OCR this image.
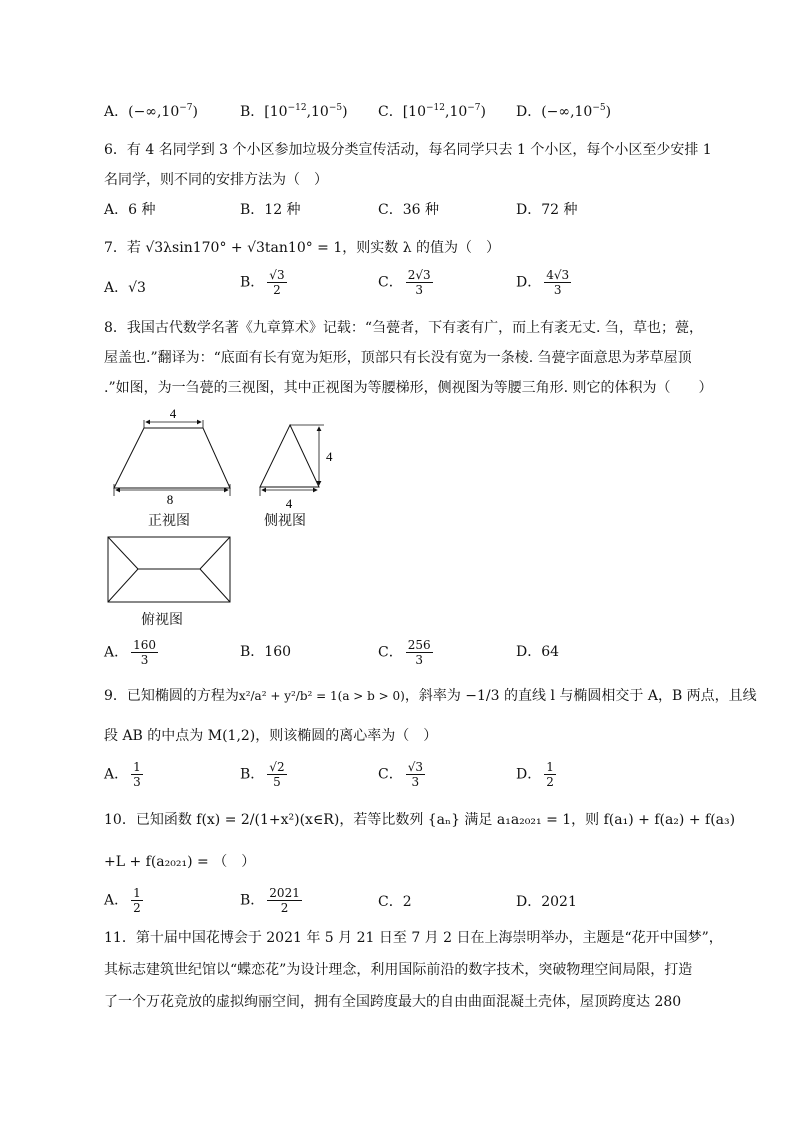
A．$(-\infty,10^{-7})$	B．$[10^{-12},10^{-5})$ C．$[10^{-12},10^{-7})$ D．$(-\infty,10^{-5})$
6．有 4 名同学到 3 个小区参加垃圾分类宣传活动，每名同学只去 1 个小区，每个小区至少安排 1
名同学，则不同的安排方法为（　）
A．6 种	B．12 种	C．36 种	D．72 种
7．若 √3λsin170° + √3tan10° = 1，则实数 λ 的值为（　）
A．√3	B． $\frac{√3}{2}$	C． $\frac{2√3}{3}$	D． $\frac{4√3}{3}$
8．我国古代数学名著《九章算术》记载：“刍甍者，下有袤有广，而上有袤无丈. 刍，草也；甍，
屋盖也.”翻译为：“底面有长有宽为矩形，顶部只有长没有宽为一条棱. 刍甍字面意思为茅草屋顶
.”如图，为一刍甍的三视图，其中正视图为等腰梯形，侧视图为等腰三角形. 则它的体积为（　　）
4
8
4
4
正视图	侧视图
俯视图
A． $\frac{160}{3}$	B．160	C． $\frac{256}{3}$	D．64
9．已知椭圆的方程为x²/a² + y²/b² = 1(a > b > 0)，斜率为 −1/3 的直线 l 与椭圆相交于 A，B 两点，且线
段 AB 的中点为 M(1,2)，则该椭圆的离心率为（　）
A． $\frac{1}{3}$	B． $\frac{√2}{5}$	C． $\frac{√3}{3}$	D． $\frac{1}{2}$
10．已知函数 f(x) = 2/(1+x²)(x∈R)，若等比数列 {aₙ} 满足 a₁a₂₀₂₁ = 1，则 f(a₁) + f(a₂) + f(a₃)
+L + f(a₂₀₂₁) = （　）
A． $\frac{1}{2}$	B． $\frac{2021}{2}$	C．2	D．2021
11．第十届中国花博会于 2021 年 5 月 21 日至 7 月 2 日在上海崇明举办，主题是“花开中国梦”，
其标志建筑世纪馆以“蝶恋花”为设计理念，利用国际前沿的数字技术，突破物理空间局限，打造
了一个万花竞放的虚拟绚丽空间，拥有全国跨度最大的自由曲面混凝土壳体，屋顶跨度达 280
